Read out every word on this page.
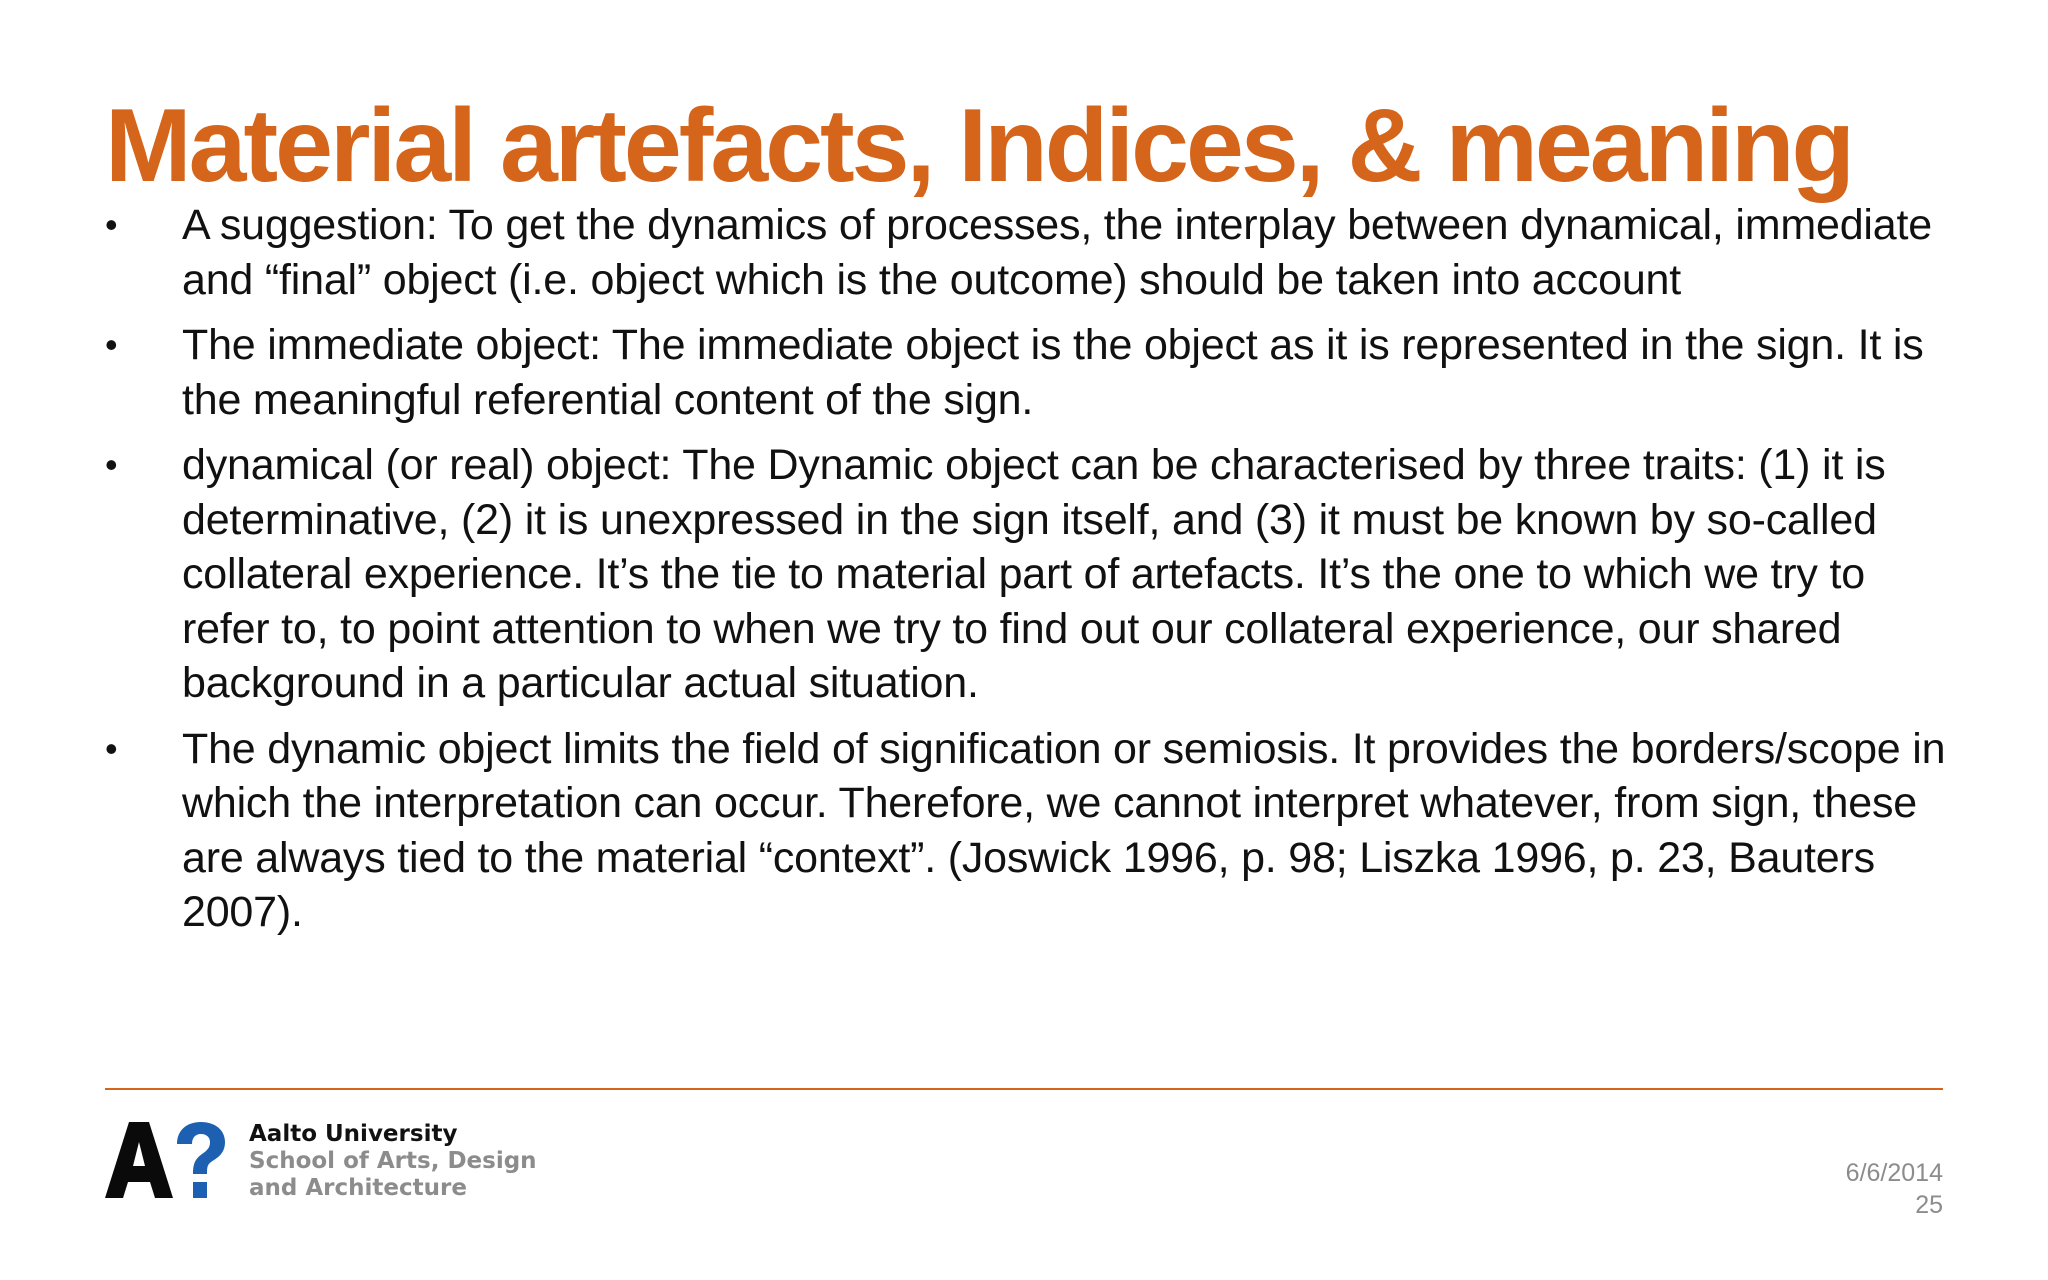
Material artefacts, Indices, & meaning
• A suggestion: To get the dynamics of processes, the interplay between dynamical, immediate and “final” object (i.e. object which is the outcome) should be taken into account
• The immediate object: The immediate object is the object as it is represented in the sign. It is the meaningful referential content of the sign.
• dynamical (or real) object: The Dynamic object can be characterised by three traits: (1) it is determinative, (2) it is unexpressed in the sign itself, and (3) it must be known by so-called collateral experience. It’s the tie to material part of artefacts. It’s the one to which we try to refer to, to point attention to when we try to find out our collateral experience, our shared background in a particular actual situation.
• The dynamic object limits the field of signification or semiosis. It provides the borders/scope in which the interpretation can occur. Therefore, we cannot interpret whatever, from sign, these are always tied to the material “context”. (Joswick 1996, p. 98; Liszka 1996, p. 23, Bauters 2007).
Aalto University
School of Arts, Design
and Architecture
6/6/2014
25
